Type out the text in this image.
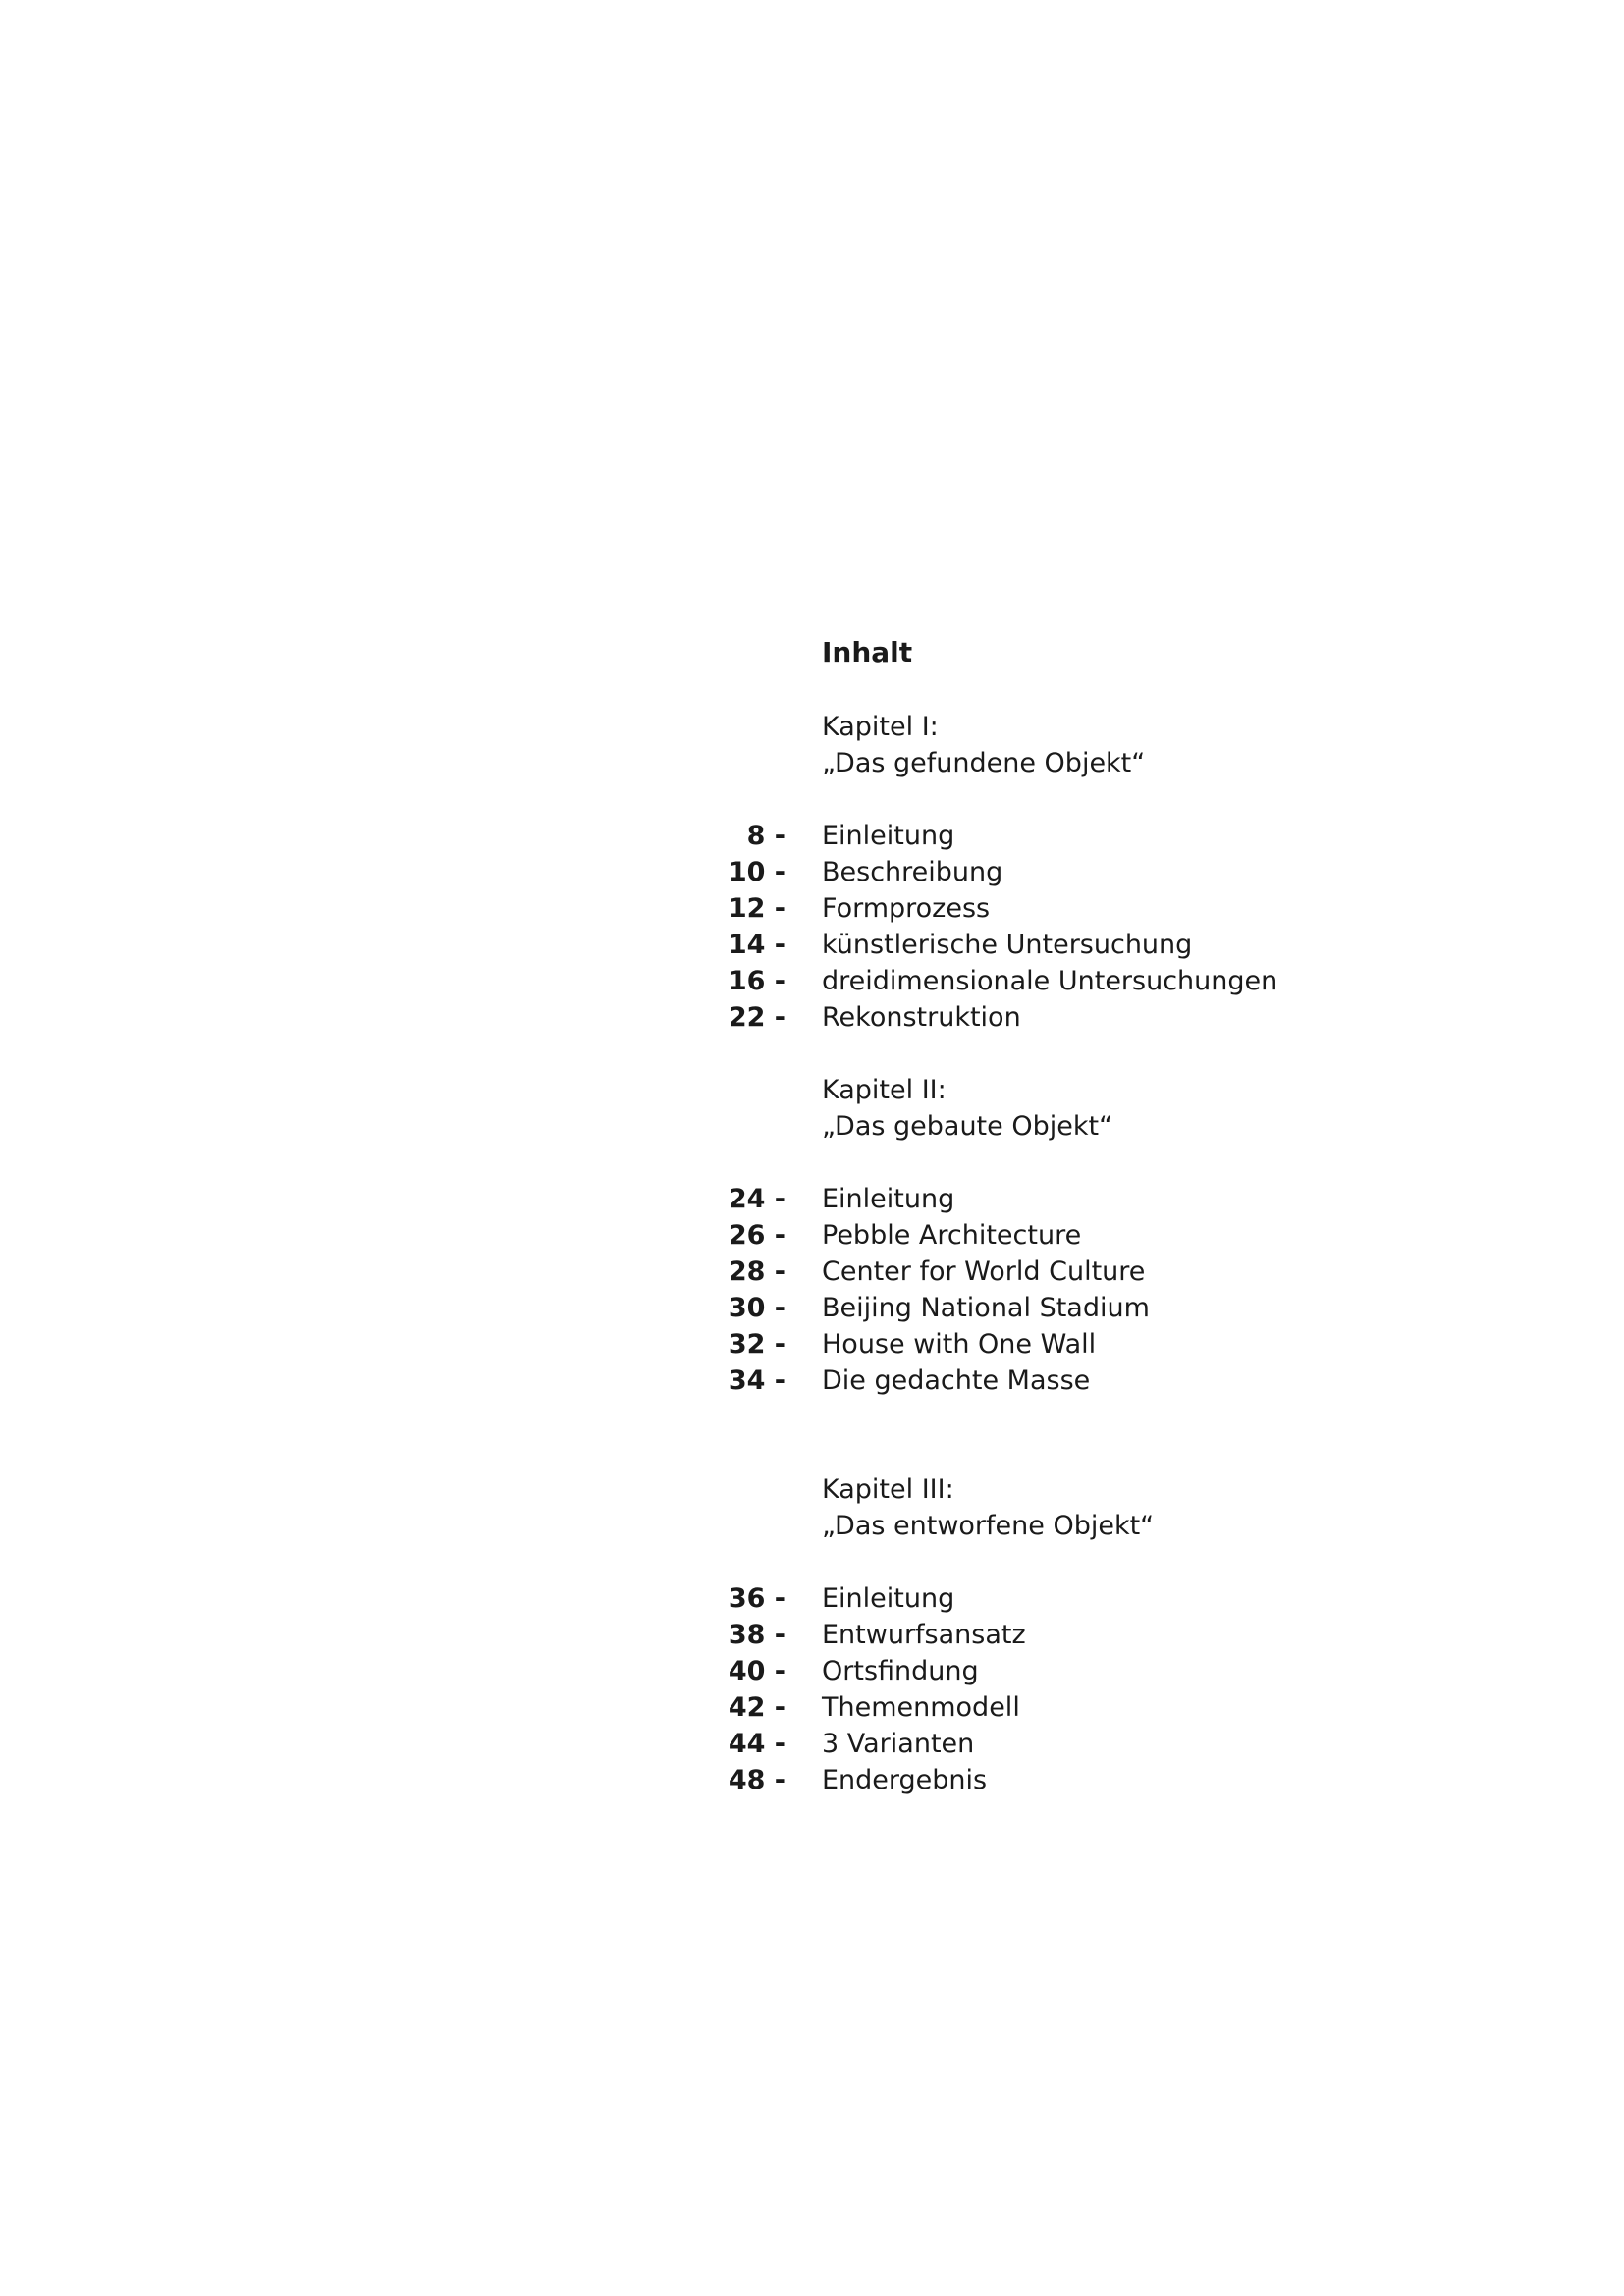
Inhalt
Kapitel I:
„Das gefundene Objekt“
8 - Einleitung
10 - Beschreibung
12 - Formprozess
14 - künstlerische Untersuchung
16 - dreidimensionale Untersuchungen
22 - Rekonstruktion
Kapitel II:
„Das gebaute Objekt“
24 - Einleitung
26 - Pebble Architecture
28 - Center for World Culture
30 - Beijing National Stadium
32 - House with One Wall
34 - Die gedachte Masse
Kapitel III:
„Das entworfene Objekt“
36 - Einleitung
38 - Entwurfsansatz
40 - Ortsfindung
42 - Themenmodell
44 - 3 Varianten
48 - Endergebnis
